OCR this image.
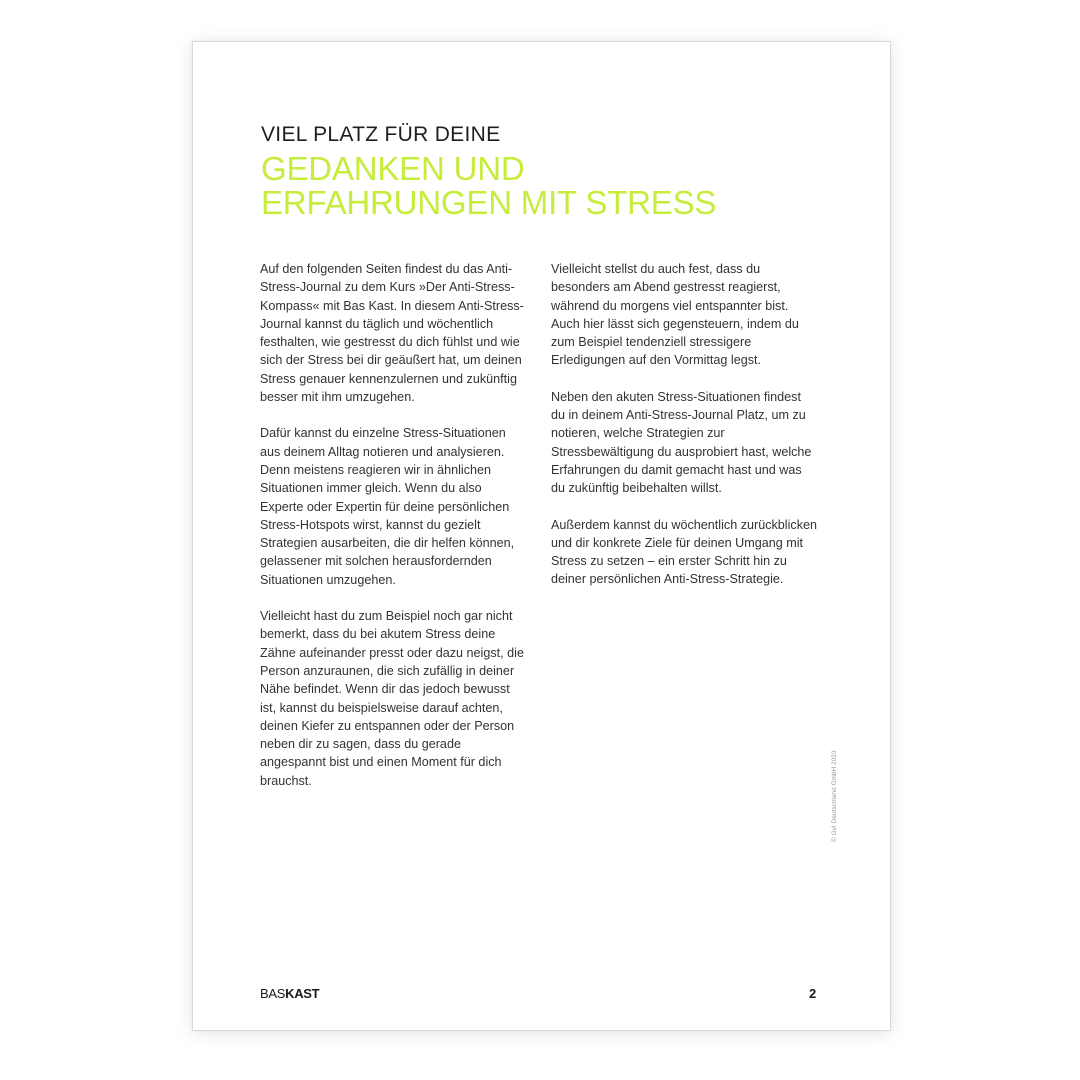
VIEL PLATZ FÜR DEINE
GEDANKEN UND
ERFAHRUNGEN MIT STRESS

Auf den folgenden Seiten findest du das Anti-Stress-Journal zu dem Kurs »Der Anti-Stress-Kompass« mit Bas Kast. In diesem Anti-Stress-Journal kannst du täglich und wöchentlich festhalten, wie gestresst du dich fühlst und wie sich der Stress bei dir geäußert hat, um deinen Stress genauer kennenzulernen und zukünftig besser mit ihm umzugehen.

Dafür kannst du einzelne Stress-Situationen aus deinem Alltag notieren und analysieren. Denn meistens reagieren wir in ähnlichen Situationen immer gleich. Wenn du also Experte oder Expertin für deine persönlichen Stress-Hotspots wirst, kannst du gezielt Strategien ausarbeiten, die dir helfen können, gelassener mit solchen herausfordernden Situationen umzugehen.

Vielleicht hast du zum Beispiel noch gar nicht bemerkt, dass du bei akutem Stress deine Zähne aufeinander presst oder dazu neigst, die Person anzuraunen, die sich zufällig in deiner Nähe befindet. Wenn dir das jedoch bewusst ist, kannst du beispielsweise darauf achten, deinen Kiefer zu entspannen oder der Person neben dir zu sagen, dass du gerade angespannt bist und einen Moment für dich brauchst.

Vielleicht stellst du auch fest, dass du besonders am Abend gestresst reagierst, während du morgens viel entspannter bist. Auch hier lässt sich gegensteuern, indem du zum Beispiel tendenziell stressigere Erledigungen auf den Vormittag legst.

Neben den akuten Stress-Situationen findest du in deinem Anti-Stress-Journal Platz, um zu notieren, welche Strategien zur Stressbewältigung du ausprobiert hast, welche Erfahrungen du damit gemacht hast und was du zukünftig beibehalten willst.

Außerdem kannst du wöchentlich zurückblicken und dir konkrete Ziele für deinen Umgang mit Stress zu setzen – ein erster Schritt hin zu deiner persönlichen Anti-Stress-Strategie.

© GvI Deutschland GmbH 2023
BASKAST	2
